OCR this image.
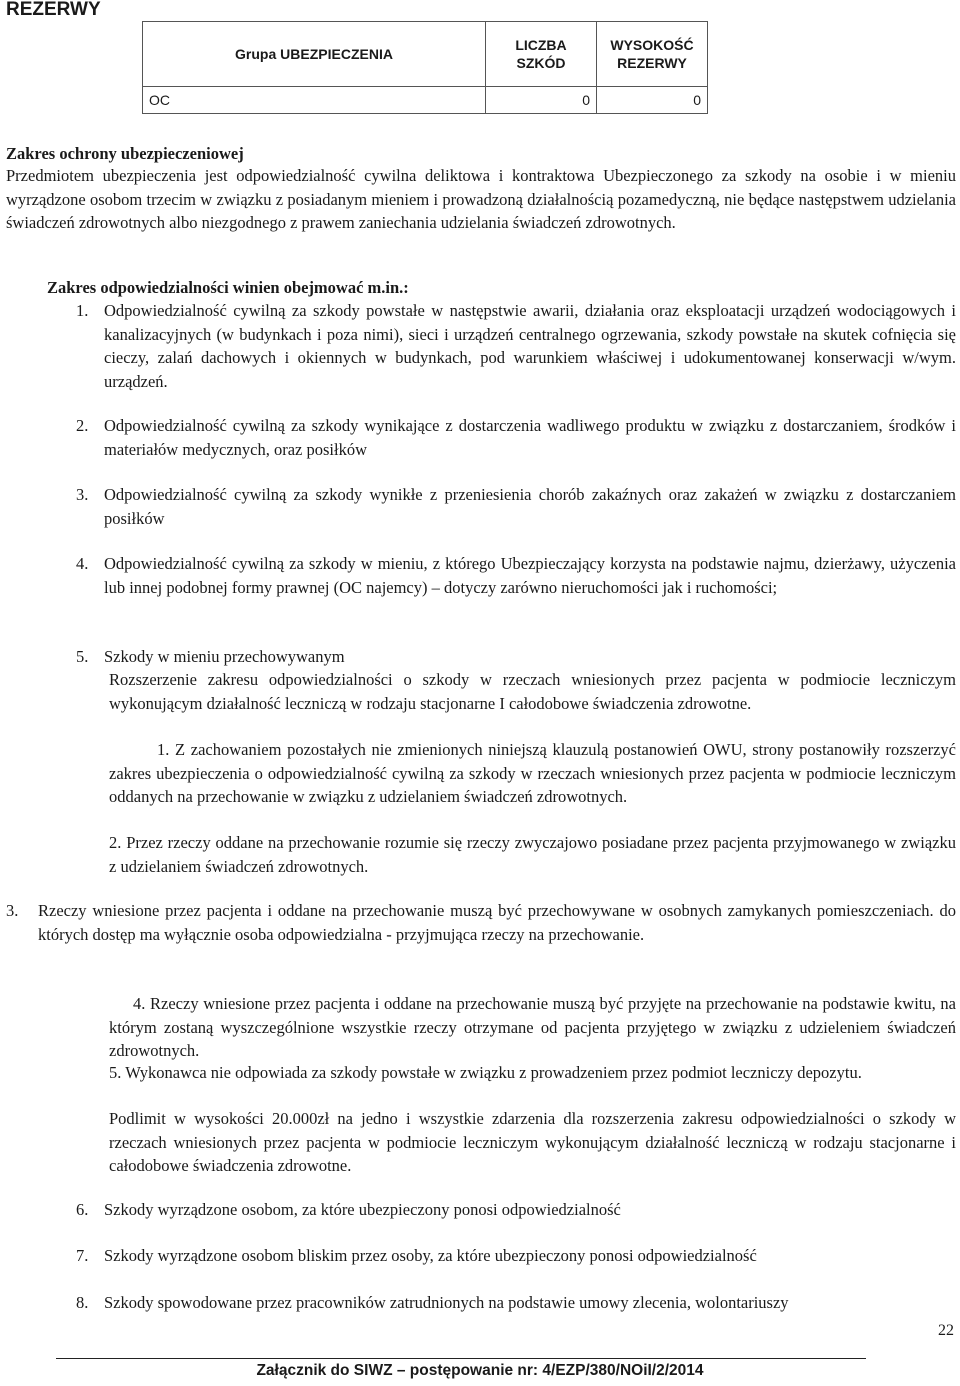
REZERWY
Grupa UBEZPIECZENIA	LICZBA SZKÓD	WYSOKOŚĆ REZERWY
OC	0	0
Zakres ochrony ubezpieczeniowej
Przedmiotem ubezpieczenia jest odpowiedzialność cywilna deliktowa i kontraktowa Ubezpieczonego za szkody na osobie i w mieniu wyrządzone osobom trzecim w związku z posiadanym mieniem i prowadzoną działalnością pozamedyczną, nie będące następstwem udzielania świadczeń zdrowotnych albo niezgodnego z prawem zaniechania udzielania świadczeń zdrowotnych.
Zakres odpowiedzialności winien obejmować m.in.:
1. Odpowiedzialność cywilną za szkody powstałe w następstwie awarii, działania oraz eksploatacji urządzeń wodociągowych i kanalizacyjnych (w budynkach i poza nimi), sieci i urządzeń centralnego ogrzewania, szkody powstałe na skutek cofnięcia się cieczy, zalań dachowych i okiennych w budynkach, pod warunkiem właściwej i udokumentowanej konserwacji w/wym. urządzeń.
2. Odpowiedzialność cywilną za szkody wynikające z dostarczenia wadliwego produktu w związku z dostarczaniem, środków i materiałów medycznych, oraz posiłków
3. Odpowiedzialność cywilną za szkody wynikłe z przeniesienia chorób zakaźnych oraz zakażeń w związku z dostarczaniem posiłków
4. Odpowiedzialność cywilną za szkody w mieniu, z którego Ubezpieczający korzysta na podstawie najmu, dzierżawy, użyczenia lub innej podobnej formy prawnej (OC najemcy) – dotyczy zarówno nieruchomości jak i ruchomości;
5. Szkody w mieniu przechowywanym
Rozszerzenie zakresu odpowiedzialności o szkody w rzeczach wniesionych przez pacjenta w podmiocie leczniczym wykonującym działalność leczniczą w rodzaju stacjonarne I całodobowe świadczenia zdrowotne.
1. Z zachowaniem pozostałych nie zmienionych niniejszą klauzulą postanowień OWU, strony postanowiły rozszerzyć zakres ubezpieczenia o odpowiedzialność cywilną za szkody w rzeczach wniesionych przez pacjenta w podmiocie leczniczym oddanych na przechowanie w związku z udzielaniem świadczeń zdrowotnych.
2. Przez rzeczy oddane na przechowanie rozumie się rzeczy zwyczajowo posiadane przez pacjenta przyjmowanego w związku z udzielaniem świadczeń zdrowotnych.
3. Rzeczy wniesione przez pacjenta i oddane na przechowanie muszą być przechowywane w osobnych zamykanych pomieszczeniach. do których dostęp ma wyłącznie osoba odpowiedzialna - przyjmująca rzeczy na przechowanie.
4. Rzeczy wniesione przez pacjenta i oddane na przechowanie muszą być przyjęte na przechowanie na podstawie kwitu, na którym zostaną wyszczególnione wszystkie rzeczy otrzymane od pacjenta przyjętego w związku z udzieleniem świadczeń zdrowotnych.
5. Wykonawca nie odpowiada za szkody powstałe w związku z prowadzeniem przez podmiot leczniczy depozytu.
Podlimit w wysokości 20.000zł na jedno i wszystkie zdarzenia dla rozszerzenia zakresu odpowiedzialności o szkody w rzeczach wniesionych przez pacjenta w podmiocie leczniczym wykonującym działalność leczniczą w rodzaju stacjonarne i całodobowe świadczenia zdrowotne.
6. Szkody wyrządzone osobom, za które ubezpieczony ponosi odpowiedzialność
7. Szkody wyrządzone osobom bliskim przez osoby, za które ubezpieczony ponosi odpowiedzialność
8. Szkody spowodowane przez pracowników zatrudnionych na podstawie umowy zlecenia, wolontariuszy
22
Załącznik do SIWZ – postępowanie nr: 4/EZP/380/NOiI/2/2014
